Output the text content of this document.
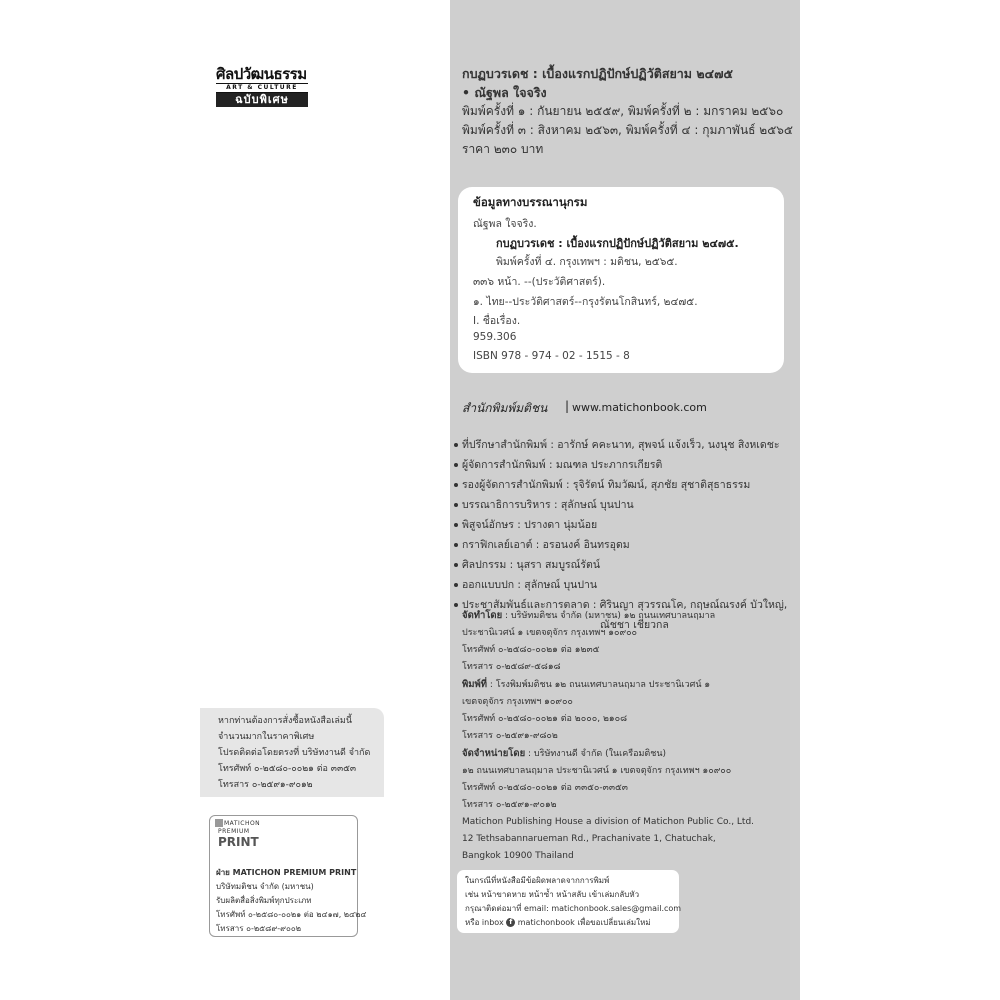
ศิลปวัฒนธรรม
ART & CULTURE
ฉบับพิเศษ
กบฏบวรเดช : เบื้องแรกปฏิปักษ์ปฏิวัติสยาม ๒๔๗๕
• ณัฐพล ใจจริง
พิมพ์ครั้งที่ ๑ : กันยายน ๒๕๕๙, พิมพ์ครั้งที่ ๒ : มกราคม ๒๕๖๐
พิมพ์ครั้งที่ ๓ : สิงหาคม ๒๕๖๓, พิมพ์ครั้งที่ ๔ : กุมภาพันธ์ ๒๕๖๕
ราคา ๒๓๐ บาท
ข้อมูลทางบรรณานุกรม
ณัฐพล ใจจริง.
กบฏบวรเดช : เบื้องแรกปฏิปักษ์ปฏิวัติสยาม ๒๔๗๕.
พิมพ์ครั้งที่ ๔. กรุงเทพฯ : มติชน, ๒๕๖๕.
๓๓๖ หน้า. --(ประวัติศาสตร์).
๑. ไทย--ประวัติศาสตร์--กรุงรัตนโกสินทร์, ๒๔๗๕.
I. ชื่อเรื่อง.
959.306
ISBN 978 - 974 - 02 - 1515 - 8
สำนักพิมพ์มติชน | www.matichonbook.com
ที่ปรึกษาสำนักพิมพ์ : อารักษ์ คคะนาท, สุพจน์ แจ้งเร็ว, นงนุช สิงหเดชะ
ผู้จัดการสำนักพิมพ์ : มณฑล ประภากรเกียรติ
รองผู้จัดการสำนักพิมพ์ : รุจิรัตน์ ทิมวัฒน์, สุภชัย สุชาติสุธาธรรม
บรรณาธิการบริหาร : สุลักษณ์ บุนปาน
พิสูจน์อักษร : ปรางดา นุ่มน้อย
กราฟิกเลย์เอาต์ : อรอนงค์ อินทรอุดม
ศิลปกรรม : นุสรา สมบูรณ์รัตน์
ออกแบบปก : สุลักษณ์ บุนปาน
ประชาสัมพันธ์และการตลาด : ศิรินญา สุวรรณโค, กฤษณ์ณรงค์ บัวใหญ่,
ณัชชา เชี่ยวกล
จัดทำโดย : บริษัทมติชน จำกัด (มหาชน) ๑๒ ถนนเทศบาลนฤมาล
ประชานิเวศน์ ๑ เขตจตุจักร กรุงเทพฯ ๑๐๙๐๐
โทรศัพท์ ๐-๒๕๘๐-๐๐๒๑ ต่อ ๑๒๓๕
โทรสาร ๐-๒๕๘๙-๕๘๑๘
พิมพ์ที่ : โรงพิมพ์มติชน ๑๒ ถนนเทศบาลนฤมาล ประชานิเวศน์ ๑
เขตจตุจักร กรุงเทพฯ ๑๐๙๐๐
โทรศัพท์ ๐-๒๕๘๐-๐๐๒๑ ต่อ ๒๐๐๐, ๒๑๐๘
โทรสาร ๐-๒๕๙๑-๙๘๐๒
จัดจำหน่ายโดย : บริษัทงานดี จำกัด (ในเครือมติชน)
๑๒ ถนนเทศบาลนฤมาล ประชานิเวศน์ ๑ เขตจตุจักร กรุงเทพฯ ๑๐๙๐๐
โทรศัพท์ ๐-๒๕๘๐-๐๐๒๑ ต่อ ๓๓๕๐-๓๓๕๓
โทรสาร ๐-๒๕๙๑-๙๐๑๒
Matichon Publishing House a division of Matichon Public Co., Ltd.
12 Tethsabannarueman Rd., Prachanivate 1, Chatuchak,
Bangkok 10900 Thailand
ในกรณีที่หนังสือมีข้อผิดพลาดจากการพิมพ์
เช่น หน้าขาดหาย หน้าซ้ำ หน้าสลับ เข้าเล่มกลับหัว
กรุณาติดต่อมาที่ email: matichonbook.sales@gmail.com
หรือ inbox f matichonbook เพื่อขอเปลี่ยนเล่มใหม่
หากท่านต้องการสั่งซื้อหนังสือเล่มนี้
จำนวนมากในราคาพิเศษ
โปรดติดต่อโดยตรงที่ บริษัทงานดี จำกัด
โทรศัพท์ ๐-๒๕๘๐-๐๐๒๑ ต่อ ๓๓๕๓
โทรสาร ๐-๒๕๙๑-๙๐๑๒
MATICHON
PREMIUM
PRINT
ฝ่าย MATICHON PREMIUM PRINT
บริษัทมติชน จำกัด (มหาชน)
รับผลิตสื่อสิ่งพิมพ์ทุกประเภท
โทรศัพท์ ๐-๒๕๘๐-๐๐๒๑ ต่อ ๒๔๑๗, ๒๔๒๔
โทรสาร ๐-๒๕๘๙-๙๐๐๒
